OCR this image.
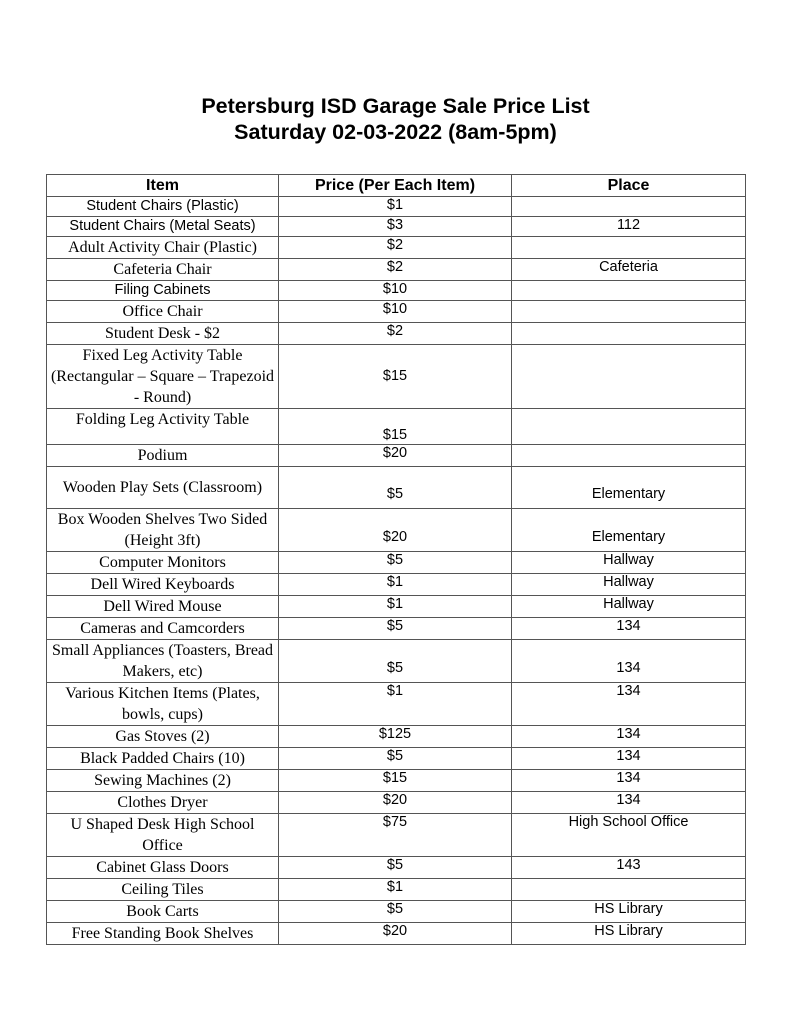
Petersburg ISD Garage Sale Price List
Saturday 02-03-2022 (8am-5pm)
Item	Price (Per Each Item)	Place
Student Chairs (Plastic)	$1	
Student Chairs (Metal Seats)	$3	112
Adult Activity Chair (Plastic)	$2	
Cafeteria Chair	$2	Cafeteria
Filing Cabinets	$10	
Office Chair	$10	
Student Desk - $2	$2	
Fixed Leg Activity Table (Rectangular – Square – Trapezoid - Round)	$15	
Folding Leg Activity Table	$15	
Podium	$20	
Wooden Play Sets (Classroom)	$5	Elementary
Box Wooden Shelves Two Sided (Height 3ft)	$20	Elementary
Computer Monitors	$5	Hallway
Dell Wired Keyboards	$1	Hallway
Dell Wired Mouse	$1	Hallway
Cameras and Camcorders	$5	134
Small Appliances (Toasters, Bread Makers, etc)	$5	134
Various Kitchen Items (Plates, bowls, cups)	$1	134
Gas Stoves (2)	$125	134
Black Padded Chairs (10)	$5	134
Sewing Machines (2)	$15	134
Clothes Dryer	$20	134
U Shaped Desk High School Office	$75	High School Office
Cabinet Glass Doors	$5	143
Ceiling Tiles	$1	
Book Carts	$5	HS Library
Free Standing Book Shelves	$20	HS Library
